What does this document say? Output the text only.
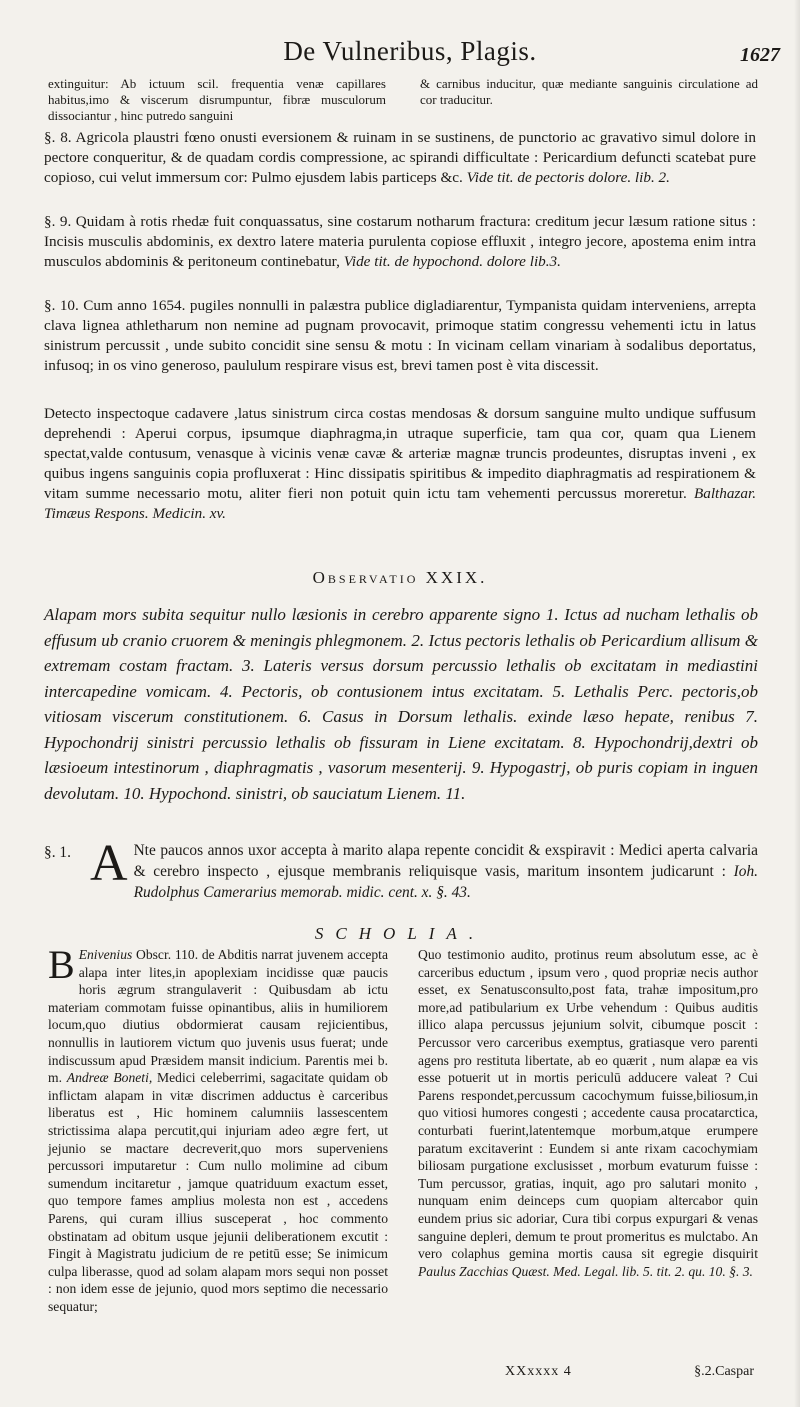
De Vulneribus, Plagis.	1627
extinguitur: Ab ictuum scil. frequentia venæ capillares habitus,imo & viscerum disrumpuntur, fibræ musculorum dissociantur , hinc putredo sanguini
& carnibus inducitur, quæ mediante sanguinis circulatione ad cor traducitur.

§. 8. Agricola plaustri fœno onusti eversionem & ruinam in se sustinens, de punctorio ac gravativo simul dolore in pectore conqueritur, & de quadam cordis compressione, ac spirandi difficultate : Pericardium defuncti scatebat pure copioso, cui velut immersum cor: Pulmo ejusdem labis particeps &c. Vide tit. de pectoris dolore. lib. 2.

§. 9. Quidam à rotis rhedæ fuit conquassatus, sine costarum notharum fractura: creditum jecur læsum ratione situs : Incisis musculis abdominis, ex dextro latere materia purulenta copiose effluxit , integro jecore, apostema enim intra musculos abdominis & peritoneum continebatur, Vide tit. de hypochond. dolore lib.3.

§. 10. Cum anno 1654. pugiles nonnulli in palæstra publice digladiarentur, Tympanista quidam interveniens, arrepta clava lignea athletharum non nemine ad pugnam provocavit, primoque statim congressu vehementi ictu in latus sinistrum percussit , unde subito concidit sine sensu & motu : In vicinam cellam vinariam à sodalibus deportatus, infusoq; in os vino generoso, paululum respirare visus est, brevi tamen post è vita discessit.

Detecto inspectoque cadavere ,latus sinistrum circa costas mendosas & dorsum sanguine multo undique suffusum deprehendi : Aperui corpus, ipsumque diaphragma,in utraque superficie, tam qua cor, quam qua Lienem spectat,valde contusum, venasque à vicinis venæ cavæ & arteriæ magnæ truncis prodeuntes, disruptas inveni , ex quibus ingens sanguinis copia profluxerat : Hinc dissipatis spiritibus & impedito diaphragmatis ad respirationem & vitam summe necessario motu, aliter fieri non potuit quin ictu tam vehementi percussus moreretur. Balthazar. Timæus Respons. Medicin. xv.

Observatio XXIX.

Alapam mors subita sequitur nullo læsionis in cerebro apparente signo 1. Ictus ad nucham lethalis ob effusum ub cranio cruorem & meningis phlegmonem. 2. Ictus pectoris lethalis ob Pericardium allisum & extremam costam fractam. 3. Lateris versus dorsum percussio lethalis ob excitatam in mediastini intercapedine vomicam. 4. Pectoris, ob contusionem intus excitatam. 5. Lethalis Perc. pectoris,ob vitiosam viscerum constitutionem. 6. Casus in Dorsum lethalis. exinde læso hepate, renibus 7. Hypochondrij sinistri percussio lethalis ob fissuram in Liene excitatam. 8. Hypochondrij,dextri ob læsioeum intestinorum , diaphragmatis , vasorum mesenterij. 9. Hypogastrj, ob puris copiam in inguen devolutam. 10. Hypochond. sinistri, ob sauciatum Lienem. 11.

§. 1. A Nte paucos annos uxor accepta à marito alapa repente concidit & exspiravit : Medici aperta calvaria & cerebro inspecto , ejusque membranis reliquisque vasis, maritum insontem judicarunt : Ioh. Rudolphus Camerarius memorab. midic. cent. x. §. 43.
SCHOLIA.
B Enivenius Obscr. 110. de Abditis narrat juvenem accepta alapa inter lites,in apoplexiam incidisse quæ paucis horis ægrum strangulaverit : Quibusdam ab ictu materiam commotam fuisse opinantibus, aliis in humiliorem locum,quo diutius obdormierat causam rejicientibus, nonnullis in lautiorem victum quo juvenis usus fuerat; unde indiscussum apud Præsidem mansit indicium. Parentis mei b. m. Andreæ Boneti, Medici celeberrimi, sagacitate quidam ob inflictam alapam in vitæ discrimen adductus è carceribus liberatus est , Hic hominem calumniis lassescentem strictissima alapa percutit,qui injuriam adeo ægre fert, ut jejunio se mactare decreverit,quo mors superveniens percussori imputaretur : Cum nullo molimine ad cibum sumendum incitaretur , jamque quatriduum exactum esset, quo tempore fames amplius molesta non est , accedens Parens, qui curam illius susceperat , hoc commento obstinatam ad obitum usque jejunii deliberationem excutit : Fingit à Magistratu judicium de re petitū esse; Se inimicum culpa liberasse, quod ad solam alapam mors sequi non posset : non idem esse de jejunio, quod mors septimo die necessario sequatur;
Quo testimonio audito, protinus reum absolutum esse, ac è carceribus eductum , ipsum vero , quod propriæ necis author esset, ex Senatusconsulto,post fata, trahæ impositum,pro more,ad patibularium ex Urbe vehendum : Quibus auditis illico alapa percussus jejunium solvit, cibumque poscit : Percussor vero carceribus exemptus, gratiasque vero parenti agens pro restituta libertate, ab eo quærit , num alapæ ea vis esse potuerit ut in mortis periculū adducere valeat ? Cui Parens respondet,percussum cacochymum fuisse,biliosum,in quo vitiosi humores congesti ; accedente causa procatarctica, conturbati fuerint,latentemque morbum,atque erumpere paratum excitaverint : Eundem si ante rixam cacochymiam biliosam purgatione exclusisset , morbum evaturum fuisse : Tum percussor, gratias, inquit, ago pro salutari monito , nunquam enim deinceps cum quopiam altercabor quin eundem prius sic adoriar, Cura tibi corpus expurgari & venas sanguine depleri, demum te prout promeritus es mulctabo. An vero colaphus gemina mortis causa sit egregie disquirit Paulus Zacchias Quæst. Med. Legal. lib. 5. tit. 2. qu. 10. §. 3.
XXxxxx 4	§.2.Caspar
